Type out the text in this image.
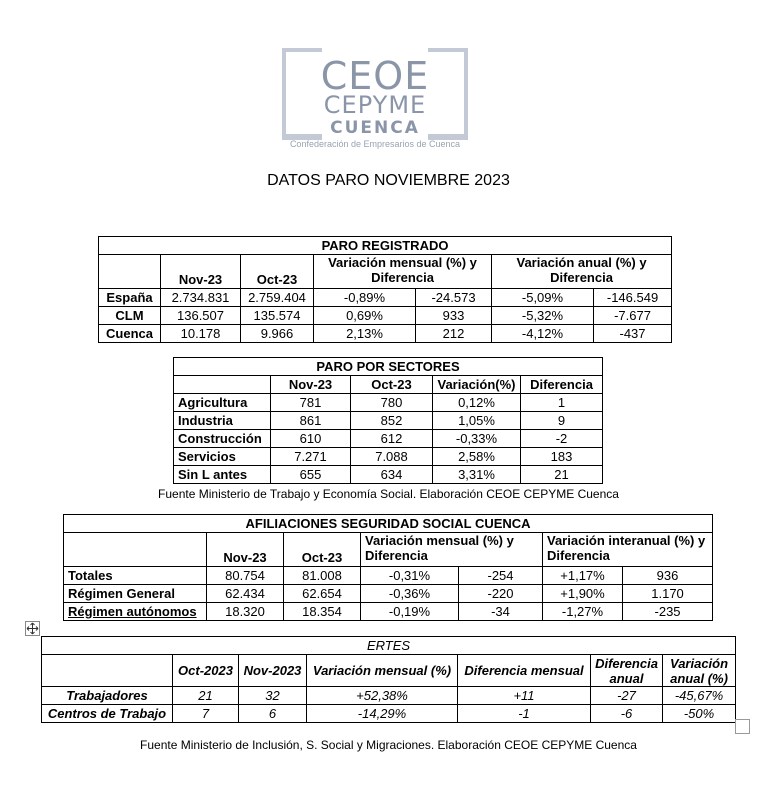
CEOE
CEPYME
CUENCA
Confederación de Empresarios de Cuenca
DATOS PARO NOVIEMBRE 2023
PARO REGISTRADO						
	Nov-23	Oct-23	Variación mensual (%) y Diferencia		Variación anual (%) y Diferencia	
España	2.734.831	2.759.404	-0,89%	-24.573	-5,09%	-146.549
CLM	136.507	135.574	0,69%	933	-5,32%	-7.677
Cuenca	10.178	9.966	2,13%	212	-4,12%	-437
PARO POR SECTORES				
	Nov-23	Oct-23	Variación(%)	Diferencia
Agricultura	781	780	0,12%	1
Industria	861	852	1,05%	9
Construcción	610	612	-0,33%	-2
Servicios	7.271	7.088	2,58%	183
Sin L antes	655	634	3,31%	21
Fuente Ministerio de Trabajo y Economía Social. Elaboración CEOE CEPYME Cuenca
AFILIACIONES SEGURIDAD SOCIAL CUENCA						
	Nov-23	Oct-23	Variación mensual (%) y Diferencia		Variación interanual (%) y Diferencia	
Totales	80.754	81.008	-0,31%	-254	+1,17%	936
Régimen General	62.434	62.654	-0,36%	-220	+1,90%	1.170
Régimen autónomos	18.320	18.354	-0,19%	-34	-1,27%	-235
ERTES						
	Oct-2023	Nov-2023	Variación mensual (%)	Diferencia mensual	Diferencia anual	Variación anual (%)
Trabajadores	21	32	+52,38%	+11	-27	-45,67%
Centros de Trabajo	7	6	-14,29%	-1	-6	-50%
Fuente Ministerio de Inclusión, S. Social y Migraciones. Elaboración CEOE CEPYME Cuenca
